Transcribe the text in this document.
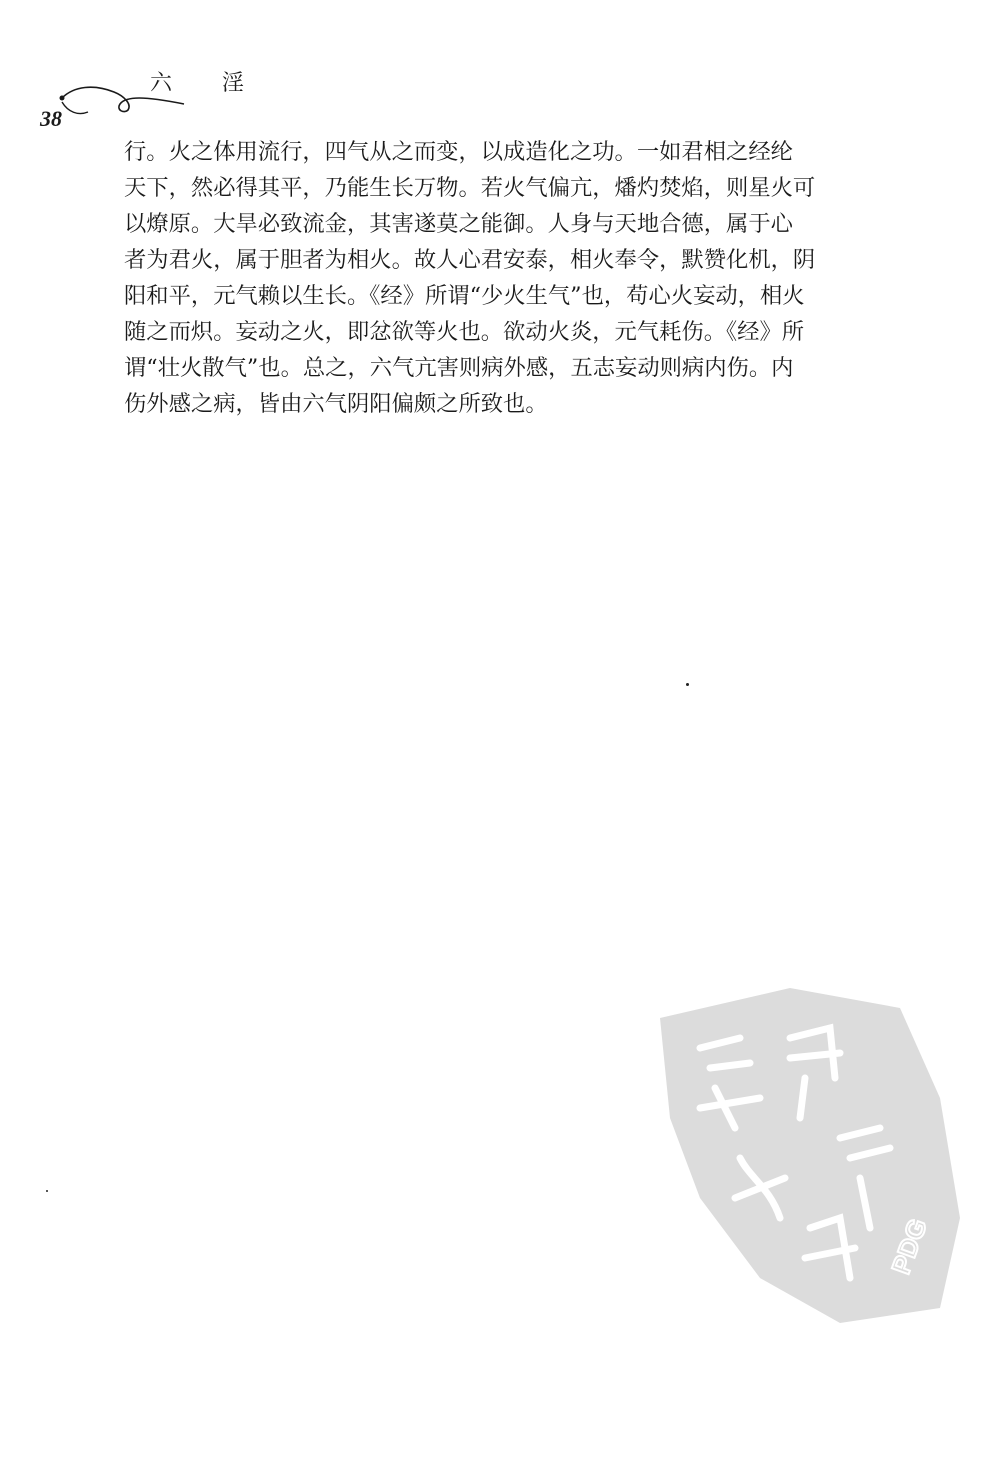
六淫
38
行。火之体用流行，四气从之而变，以成造化之功。一如君相之经纶
天下，然必得其平，乃能生长万物。若火气偏亢，燔灼焚焰，则星火可
以燎原。大旱必致流金，其害遂莫之能御。人身与天地合德，属于心
者为君火，属于胆者为相火。故人心君安泰，相火奉令，默赞化机，阴
阳和平，元气赖以生长。《经》所谓“少火生气”也，苟心火妄动，相火
随之而炽。妄动之火，即忿欲等火也。欲动火炎，元气耗伤。《经》所
谓“壮火散气”也。总之，六气亢害则病外感，五志妄动则病内伤。内
伤外感之病，皆由六气阴阳偏颇之所致也。
PDG
